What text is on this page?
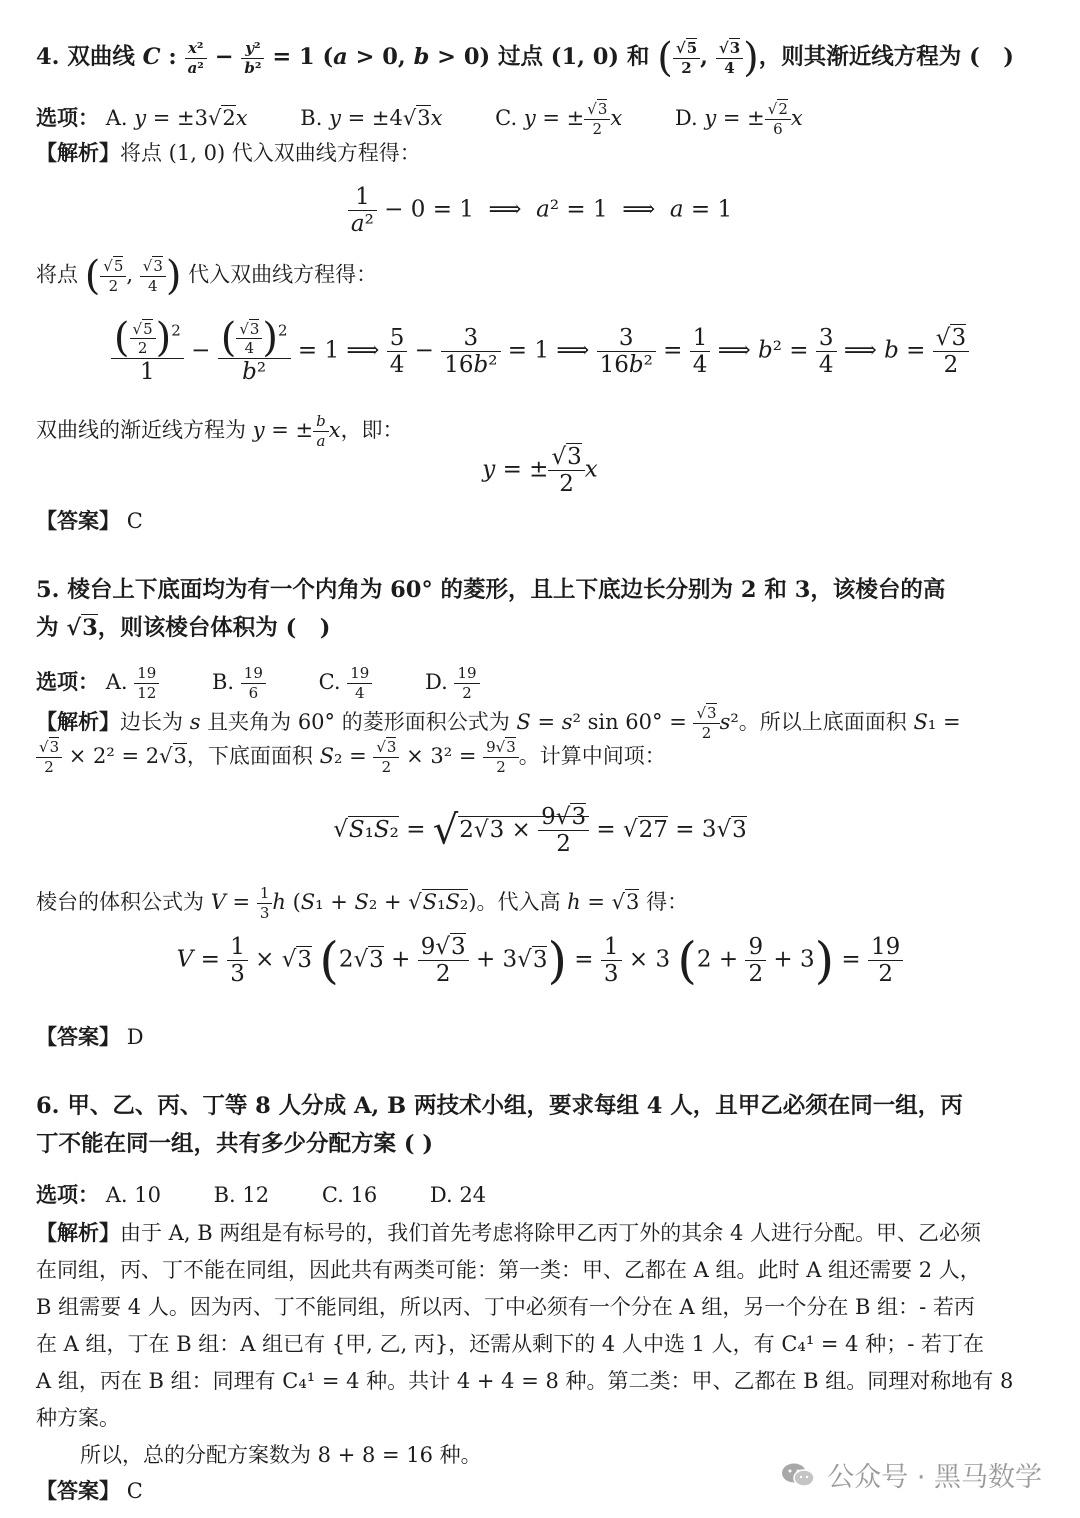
4. 双曲线 C : $\frac{\text{x²}}{\text{a²}} - \frac{\text{y²}}{\text{b²}} = 1$ (a > 0, b > 0) 过点 (1, 0) 和 ( $\frac{√5}{2}$ , $\frac{√3}{4}$ )，则其渐近线方程为 (   )
选项： A. y = ±3√2x	B. y = ±4√3x	C. y = ± $\frac{√3}{2}$ x	D. y = ± $\frac{√2}{6}$ x
【解析】将点 (1, 0) 代入双曲线方程得：
$\frac{1}{\text{a²}} - 0 = 1$  ⟹  a² = 1  ⟹  a = 1
将点 ( $\frac{√5}{2}$ , $\frac{√3}{4}$ ) 代入双曲线方程得：
$\frac{( \frac{√5}{2} )^2}{1} - \frac{( \frac{√3}{4} )^2}{\text{b²}} = 1$ ⟹ $\frac{5}{4} - \frac{3}{\text{16b²}} = 1$ ⟹ $\frac{3}{\text{16b²}} = \frac{1}{4}$ ⟹ $b^2 = \frac{3}{4}$ ⟹ $b = \frac{√3}{2}$
双曲线的渐近线方程为 y = ± $\frac{b}{a}$ x，即：
y = ± $\frac{√3}{2}$ x
【答案】 C
5. 棱台上下底面均为有一个内角为 60° 的菱形，且上下底边长分别为 2 和 3，该棱台的高
为 √3，则该棱台体积为 (   )
选项： A. $\frac{19}{12}$	B. $\frac{19}{6}$	C. $\frac{19}{4}$	D. $\frac{19}{2}$
【解析】边长为 s 且夹角为 60° 的菱形面积公式为 S = s² $\sin 60^\circ = \frac{√3}{2} s^2$。所以上底面面积 S₁ =
$\frac{√3}{2} \times 2^2 = 2√3$，下底面面积 $S_2 = \frac{√3}{2} \times 3^2 = \frac{9√3}{2}$ 。计算中间项：
$√S_1S_2 = √2√3 \times \frac{9√3}{2} = √27 = 3√3$
棱台的体积公式为 $V = \frac{1}{3}$ h (S₁ + S₂ + √S₁S₂)。代入高 h = √3 得：
$V = \frac{1}{3} \times √3$ $(2√3 + \frac{9√3}{2} + 3√3) = \frac{1}{3} \times 3$ $(2 + \frac{9}{2} + 3) = \frac{19}{2}$
【答案】 D
6. 甲、乙、丙、丁等 8 人分成 A, B 两技术小组，要求每组 4 人，且甲乙必须在同一组，丙
丁不能在同一组，共有多少分配方案 ( )
选项： A. 10	B. 12	C. 16	D. 24
【解析】由于 A, B 两组是有标号的，我们首先考虑将除甲乙丙丁外的其余 4 人进行分配。甲、乙必须
在同组，丙、丁不能在同组，因此共有两类可能：第一类：甲、乙都在 A 组。此时 A 组还需要 2 人，
B 组需要 4 人。因为丙、丁不能同组，所以丙、丁中必须有一个分在 A 组，另一个分在 B 组：- 若丙
在 A 组，丁在 B 组：A 组已有 {甲, 乙, 丙}，还需从剩下的 4 人中选 1 人，有 C₄¹ = 4 种；- 若丁在
A 组，丙在 B 组：同理有 C₄¹ = 4 种。共计 4 + 4 = 8 种。第二类：甲、乙都在 B 组。同理对称地有 8
种方案。
所以，总的分配方案数为 8 + 8 = 16 种。
【答案】 C	公众号 · 黑马数学
